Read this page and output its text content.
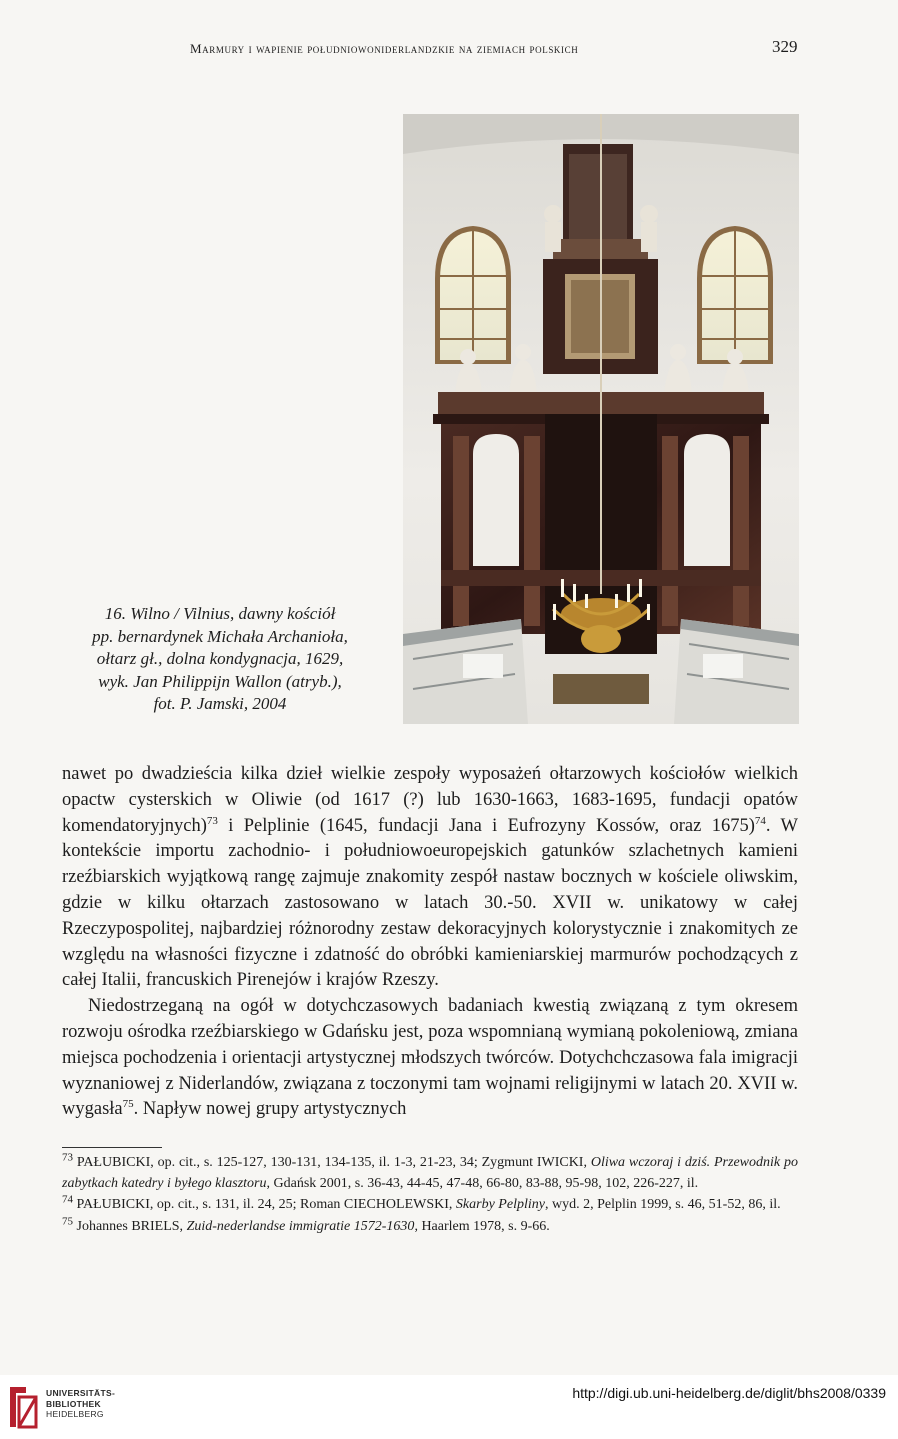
Marmury i wapienie południowoniderlandzkie na ziemiach polskich	329
16. Wilno / Vilnius, dawny kościół
pp. bernardynek Michała Archanioła,
ołtarz gł., dolna kondygnacja, 1629,
wyk. Jan Philippijn Wallon (atryb.),
fot. P. Jamski, 2004

nawet po dwadzieścia kilka dzieł wielkie zespoły wyposażeń ołtarzowych kościołów wielkich opactw cysterskich w Oliwie (od 1617 (?) lub 1630-1663, 1683-1695, fundacji opatów komendatoryjnych)$^{73}$ i Pelplinie (1645, fundacji Jana i Eufrozyny Kossów, oraz 1675)$^{74}$. W kontekście importu zachodnio- i południowoeuropejskich gatunków szlachetnych kamieni rzeźbiarskich wyjątkową rangę zajmuje znakomity zespół nastaw bocznych w kościele oliwskim, gdzie w kilku ołtarzach zastosowano w latach 30.-50. XVII w. unikatowy w całej Rzeczypospolitej, najbardziej różnorodny zestaw dekoracyjnych kolorystycznie i znakomitych ze względu na własności fizyczne i zdatność do obróbki kamieniarskiej marmurów pochodzących z całej Italii, francuskich Pirenejów i krajów Rzeszy.

Niedostrzeganą na ogół w dotychczasowych badaniach kwestią związaną z tym okresem rozwoju ośrodka rzeźbiarskiego w Gdańsku jest, poza wspomnianą wymianą pokoleniową, zmiana miejsca pochodzenia i orientacji artystycznej młodszych twórców. Dotychchczasowa fala imigracji wyznaniowej z Niderlandów, związana z toczonymi tam wojnami religijnymi w latach 20. XVII w. wygasła$^{75}$. Napływ nowej grupy artystycznych

$^{73}$ PAŁUBICKI, op. cit., s. 125-127, 130-131, 134-135, il. 1-3, 21-23, 34; Zygmunt IWICKI, Oliwa wczoraj i dziś. Przewodnik po zabytkach katedry i byłego klasztoru, Gdańsk 2001, s. 36-43, 44-45, 47-48, 66-80, 83-88, 95-98, 102, 226-227, il.

$^{74}$ PAŁUBICKI, op. cit., s. 131, il. 24, 25; Roman CIECHOLEWSKI, Skarby Pelpliny, wyd. 2, Pelplin 1999, s. 46, 51-52, 86, il.

$^{75}$ Johannes BRIELS, Zuid-nederlandse immigratie 1572-1630, Haarlem 1978, s. 9-66.

UNIVERSITÄTS-
BIBLIOTHEK
HEIDELBERG
http://digi.ub.uni-heidelberg.de/diglit/bhs2008/0339
